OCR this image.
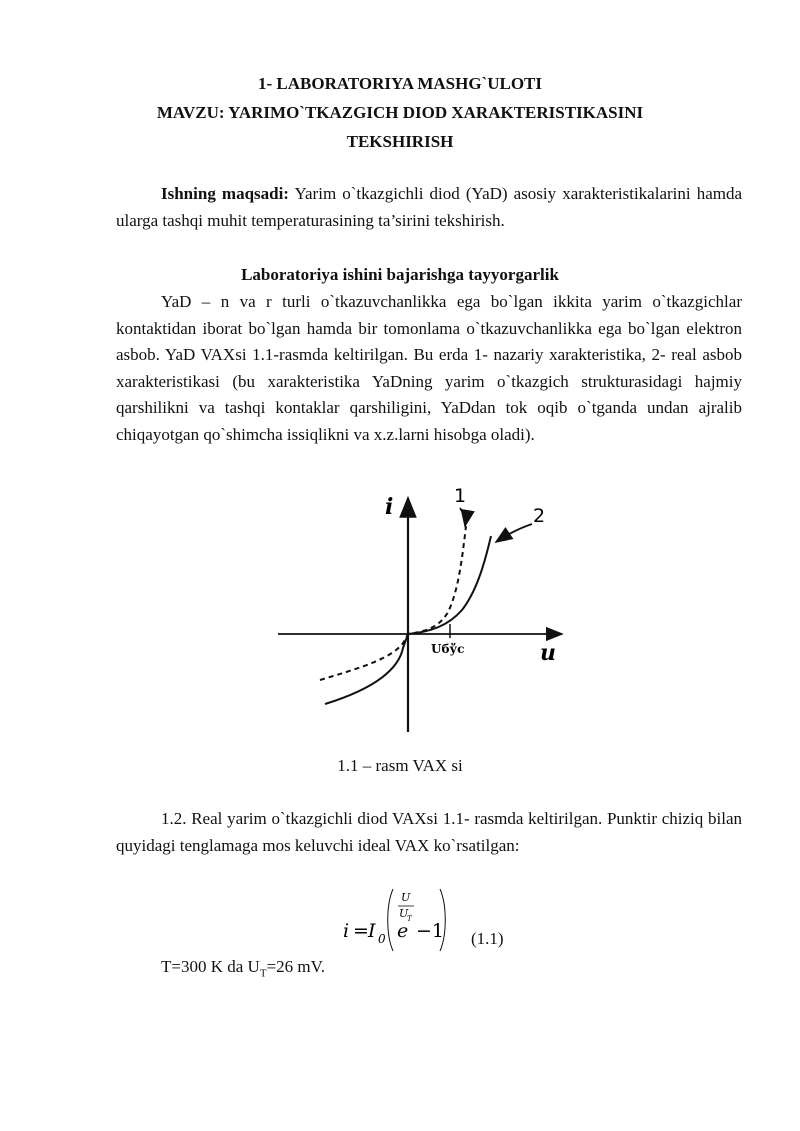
1- LABORATORIYA MASHG`ULOTI
MAVZU: YARIMO`TKAZGICH DIOD XARAKTERISTIKASINI
TEKSHIRISH
Ishning maqsadi: Yarim o`tkazgichli diod (YaD) asosiy xarakteristikalarini hamda ularga tashqi muhit temperaturasining ta’sirini tekshirish.
Laboratoriya ishini bajarishga tayyorgarlik
YaD – n va r turli o`tkazuvchanlikka ega bo`lgan ikkita yarim o`tkazgichlar kontaktidan iborat bo`lgan hamda bir tomonlama o`tkazuvchanlikka ega bo`lgan elektron asbob. YaD VAXsi 1.1-rasmda keltirilgan. Bu erda 1- nazariy xarakteristika, 2- real asbob xarakteristikasi (bu xarakteristika YaDning yarim o`tkazgich strukturasidagi hajmiy qarshilikni va tashqi kontaklar qarshiligini, YaDdan tok oqib o`tganda undan ajralib chiqayotgan qo`shimcha issiqlikni va x.z.larni hisobga oladi).
i
u
1
2
Uбўс
1.1 – rasm VAX si
1.2. Real yarim o`tkazgichli diod VAXsi 1.1- rasmda keltirilgan. Punktir chiziq bilan quyidagi tenglamaga mos keluvchi ideal VAX ko`rsatilgan:
i = I 0 e
U
U
T
−1 (1.1)
T=300 K da $U_T=26$ mV.
